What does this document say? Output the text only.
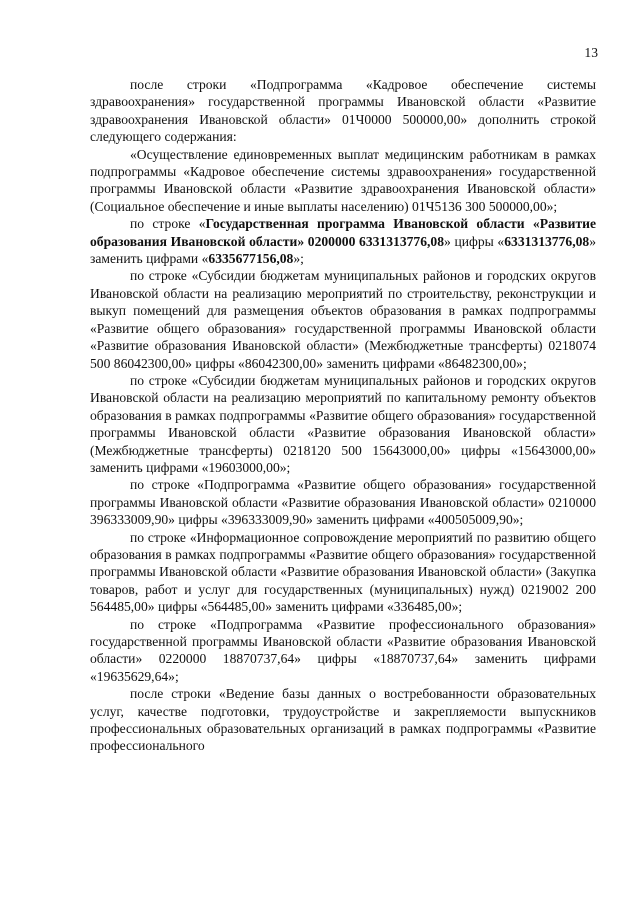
13

после строки «Подпрограмма «Кадровое обеспечение системы здравоохранения» государственной программы Ивановской области «Развитие здравоохранения Ивановской области» 01Ч0000 500000,00» дополнить строкой следующего содержания:

«Осуществление единовременных выплат медицинским работникам в рамках подпрограммы «Кадровое обеспечение системы здравоохранения» государственной программы Ивановской области «Развитие здравоохранения Ивановской области» (Социальное обеспечение и иные выплаты населению) 01Ч5136 300 500000,00»;

по строке «Государственная программа Ивановской области «Развитие образования Ивановской области» 0200000 6331313776,08» цифры «6331313776,08» заменить цифрами «6335677156,08»;

по строке «Субсидии бюджетам муниципальных районов и городских округов Ивановской области на реализацию мероприятий по строительству, реконструкции и выкуп помещений для размещения объектов образования в рамках подпрограммы «Развитие общего образования» государственной программы Ивановской области «Развитие образования Ивановской области» (Межбюджетные трансферты) 0218074 500 86042300,00» цифры «86042300,00» заменить цифрами «86482300,00»;

по строке «Субсидии бюджетам муниципальных районов и городских округов Ивановской области на реализацию мероприятий по капитальному ремонту объектов образования в рамках подпрограммы «Развитие общего образования» государственной программы Ивановской области «Развитие образования Ивановской области» (Межбюджетные трансферты) 0218120 500 15643000,00» цифры «15643000,00» заменить цифрами «19603000,00»;

по строке «Подпрограмма «Развитие общего образования» государственной программы Ивановской области «Развитие образования Ивановской области» 0210000 396333009,90» цифры «396333009,90» заменить цифрами «400505009,90»;

по строке «Информационное сопровождение мероприятий по развитию общего образования в рамках подпрограммы «Развитие общего образования» государственной программы Ивановской области «Развитие образования Ивановской области» (Закупка товаров, работ и услуг для государственных (муниципальных) нужд) 0219002 200 564485,00» цифры «564485,00» заменить цифрами «336485,00»;

по строке «Подпрограмма «Развитие профессионального образования» государственной программы Ивановской области «Развитие образования Ивановской области» 0220000 18870737,64» цифры «18870737,64» заменить цифрами «19635629,64»;

после строки «Ведение базы данных о востребованности образовательных услуг, качестве подготовки, трудоустройстве и закрепляемости выпускников профессиональных образовательных организаций в рамках подпрограммы «Развитие профессионального
